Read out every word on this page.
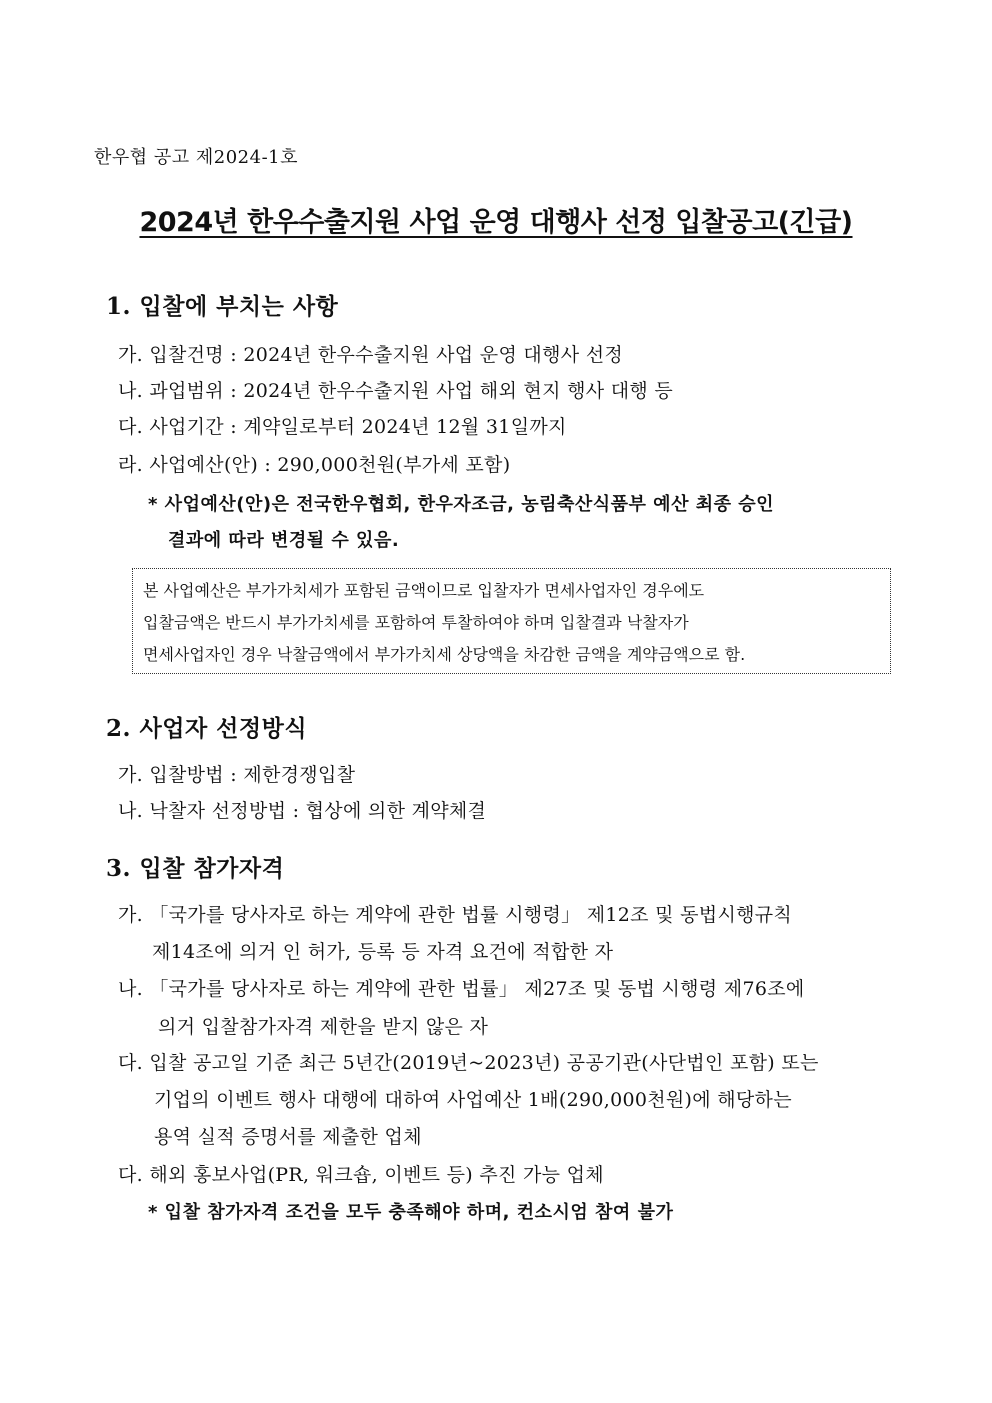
한우협 공고 제2024-1호
2024년 한우수출지원 사업 운영 대행사 선정 입찰공고(긴급)
1. 입찰에 부치는 사항
가. 입찰건명 : 2024년 한우수출지원 사업 운영 대행사 선정
나. 과업범위 : 2024년 한우수출지원 사업 해외 현지 행사 대행 등
다. 사업기간 : 계약일로부터 2024년 12월 31일까지
라. 사업예산(안) : 290,000천원(부가세 포함)
* 사업예산(안)은 전국한우협회, 한우자조금, 농림축산식품부 예산 최종 승인
결과에 따라 변경될 수 있음.
본 사업예산은 부가가치세가 포함된 금액이므로 입찰자가 면세사업자인 경우에도
입찰금액은 반드시 부가가치세를 포함하여 투찰하여야 하며 입찰결과 낙찰자가
면세사업자인 경우 낙찰금액에서 부가가치세 상당액을 차감한 금액을 계약금액으로 함.
2. 사업자 선정방식
가. 입찰방법 : 제한경쟁입찰
나. 낙찰자 선정방법 : 협상에 의한 계약체결
3. 입찰 참가자격
가. 「국가를 당사자로 하는 계약에 관한 법률 시행령」 제12조 및 동법시행규칙
제14조에 의거 인 허가, 등록 등 자격 요건에 적합한 자
나. 「국가를 당사자로 하는 계약에 관한 법률」 제27조 및 동법 시행령 제76조에
의거 입찰참가자격 제한을 받지 않은 자
다. 입찰 공고일 기준 최근 5년간(2019년~2023년) 공공기관(사단법인 포함) 또는
기업의 이벤트 행사 대행에 대하여 사업예산 1배(290,000천원)에 해당하는
용역 실적 증명서를 제출한 업체
다. 해외 홍보사업(PR, 워크숍, 이벤트 등) 추진 가능 업체
* 입찰 참가자격 조건을 모두 충족해야 하며, 컨소시엄 참여 불가
